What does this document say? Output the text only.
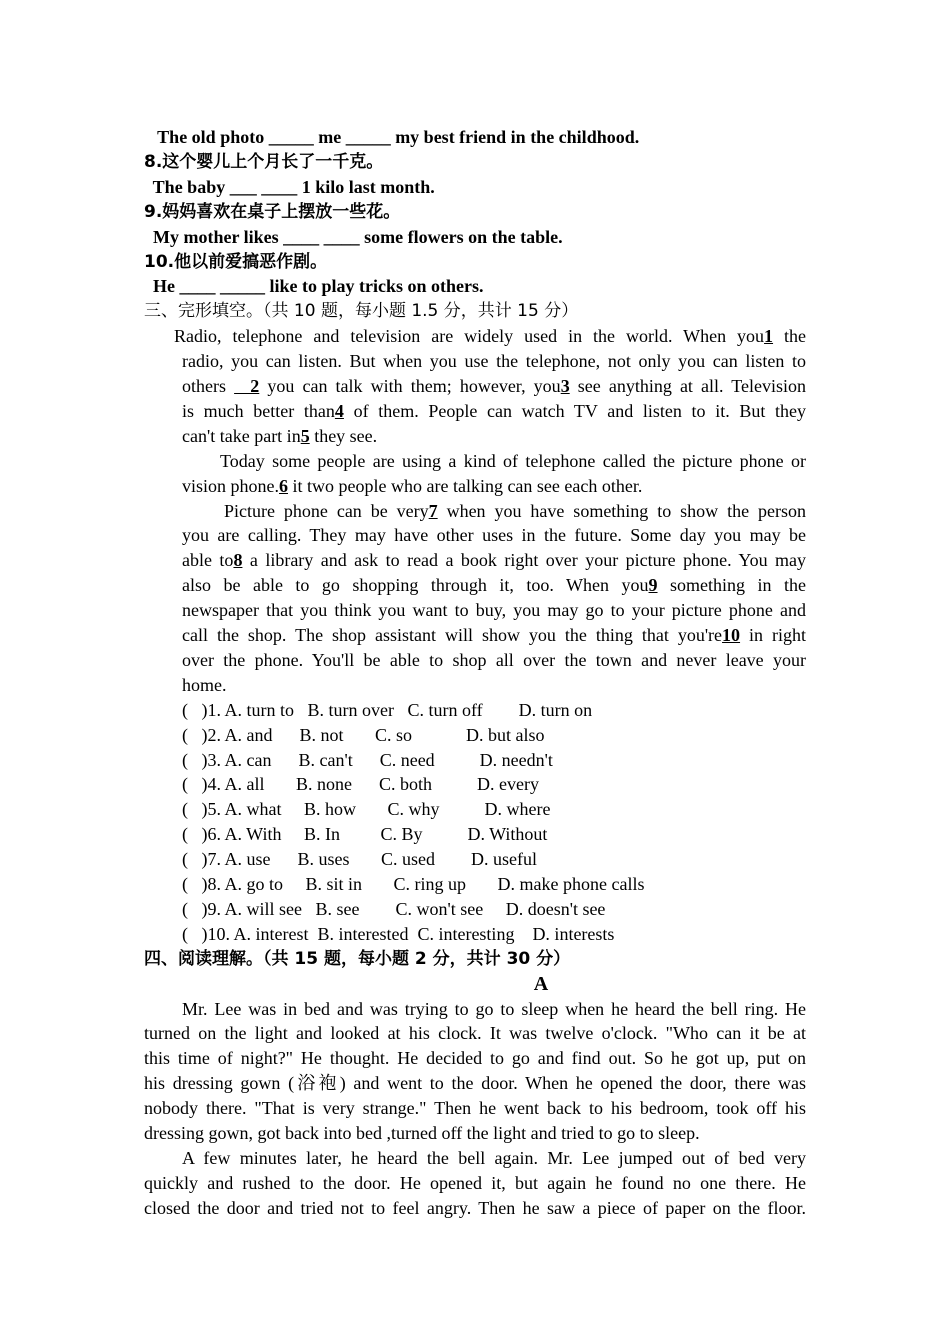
The old photo _____ me _____ my best friend in the childhood.
8.这个婴儿上个月长了一千克。
The baby ___ ____ 1 kilo last month.
9.妈妈喜欢在桌子上摆放一些花。
My mother likes ____ ____ some flowers on the table.
10.他以前爱搞恶作剧。
He ____ _____ like to play tricks on others.
三、完形填空。（共 10 题，每小题 1.5 分，共计 15 分）
Radio, telephone and television are widely used in the world. When you1 the
radio, you can listen. But when you use the telephone, not only you can listen to
others   2 you can talk with them; however, you3 see anything at all. Television
is much better than4 of them. People can watch TV and listen to it. But they
can't take part in5 they see.
Today some people are using a kind of telephone called the picture phone or
vision phone.6 it two people who are talking can see each other.
Picture phone can be very7 when you have something to show the person
you are calling. They may have other uses in the future. Some day you may be
able to8 a library and ask to read a book right over your picture phone. You may
also be able to go shopping through it, too. When you9 something in the
newspaper that you think you want to buy, you may go to your picture phone and
call the shop. The shop assistant will show you the thing that you're10 in right
over the phone. You'll be able to shop all over the town and never leave your
home.
(   )1. A. turn to   B. turn over   C. turn off        D. turn on
(   )2. A. and      B. not       C. so            D. but also
(   )3. A. can      B. can't      C. need          D. needn't
(   )4. A. all       B. none      C. both          D. every
(   )5. A. what     B. how       C. why          D. where
(   )6. A. With     B. In         C. By          D. Without
(   )7. A. use      B. uses       C. used        D. useful
(   )8. A. go to     B. sit in       C. ring up       D. make phone calls
(   )9. A. will see   B. see        C. won't see     D. doesn't see
(   )10. A. interest  B. interested  C. interesting    D. interests
四、阅读理解。（共 15 题，每小题 2 分，共计 30 分）
A
Mr. Lee was in bed and was trying to go to sleep when he heard the bell ring. He
turned on the light and looked at his clock. It was twelve o'clock. "Who can it be at
this time of night?" He thought. He decided to go and find out. So he got up, put on
his dressing gown (浴袍) and went to the door. When he opened the door, there was
nobody there. "That is very strange." Then he went back to his bedroom, took off his
dressing gown, got back into bed ,turned off the light and tried to go to sleep.
A few minutes later, he heard the bell again. Mr. Lee jumped out of bed very
quickly and rushed to the door. He opened it, but again he found no one there. He
closed the door and tried not to feel angry. Then he saw a piece of paper on the floor.
